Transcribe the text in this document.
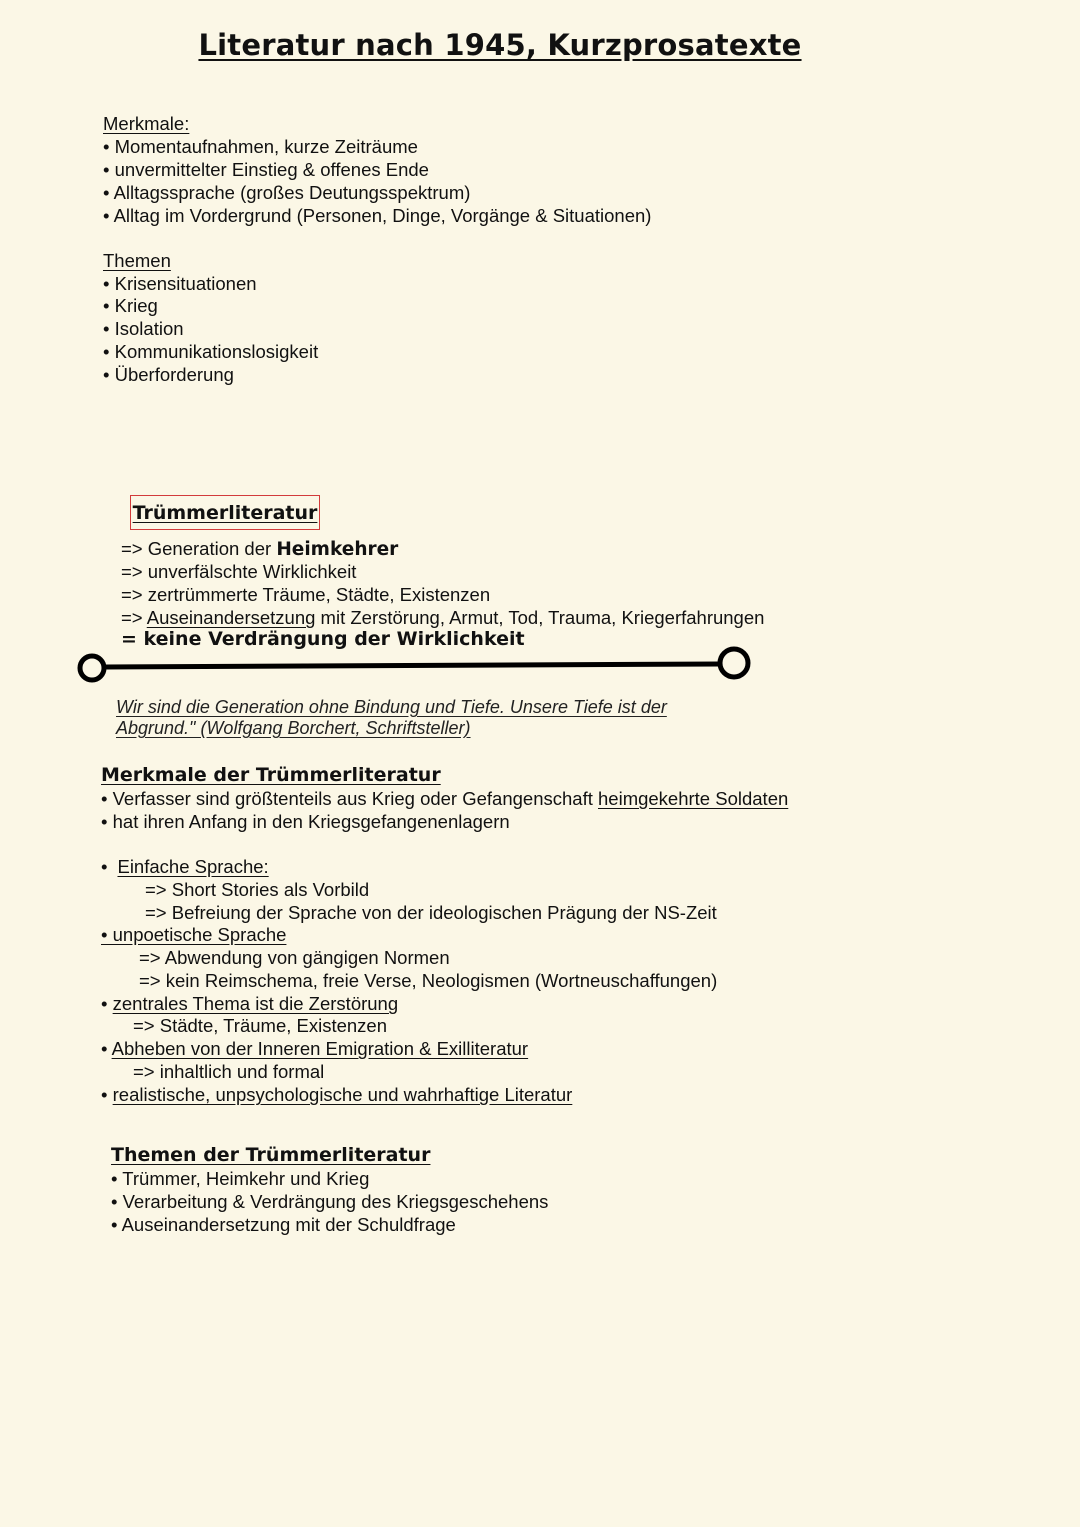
Literatur nach 1945, Kurzprosatexte
Merkmale:
• Momentaufnahmen, kurze Zeiträume
• unvermittelter Einstieg & offenes Ende
• Alltagssprache (großes Deutungsspektrum)
• Alltag im Vordergrund (Personen, Dinge, Vorgänge & Situationen)
Themen
• Krisensituationen
• Krieg
• Isolation
• Kommunikationslosigkeit
• Überforderung
Trümmerliteratur
=> Generation der Heimkehrer
=> unverfälschte Wirklichkeit
=> zertrümmerte Träume, Städte, Existenzen
=> Auseinandersetzung mit Zerstörung, Armut, Tod, Trauma, Kriegerfahrungen
= keine Verdrängung der Wirklichkeit
Wir sind die Generation ohne Bindung und Tiefe. Unsere Tiefe ist der
Abgrund." (Wolfgang Borchert, Schriftsteller)
Merkmale der Trümmerliteratur
• Verfasser sind größtenteils aus Krieg oder Gefangenschaft heimgekehrte Soldaten
• hat ihren Anfang in den Kriegsgefangenenlagern
• Einfache Sprache:
=> Short Stories als Vorbild
=> Befreiung der Sprache von der ideologischen Prägung der NS-Zeit
• unpoetische Sprache
=> Abwendung von gängigen Normen
=> kein Reimschema, freie Verse, Neologismen (Wortneuschaffungen)
• zentrales Thema ist die Zerstörung
=> Städte, Träume, Existenzen
• Abheben von der Inneren Emigration & Exilliteratur
=> inhaltlich und formal
• realistische, unpsychologische und wahrhaftige Literatur
Themen der Trümmerliteratur
• Trümmer, Heimkehr und Krieg
• Verarbeitung & Verdrängung des Kriegsgeschehens
• Auseinandersetzung mit der Schuldfrage
